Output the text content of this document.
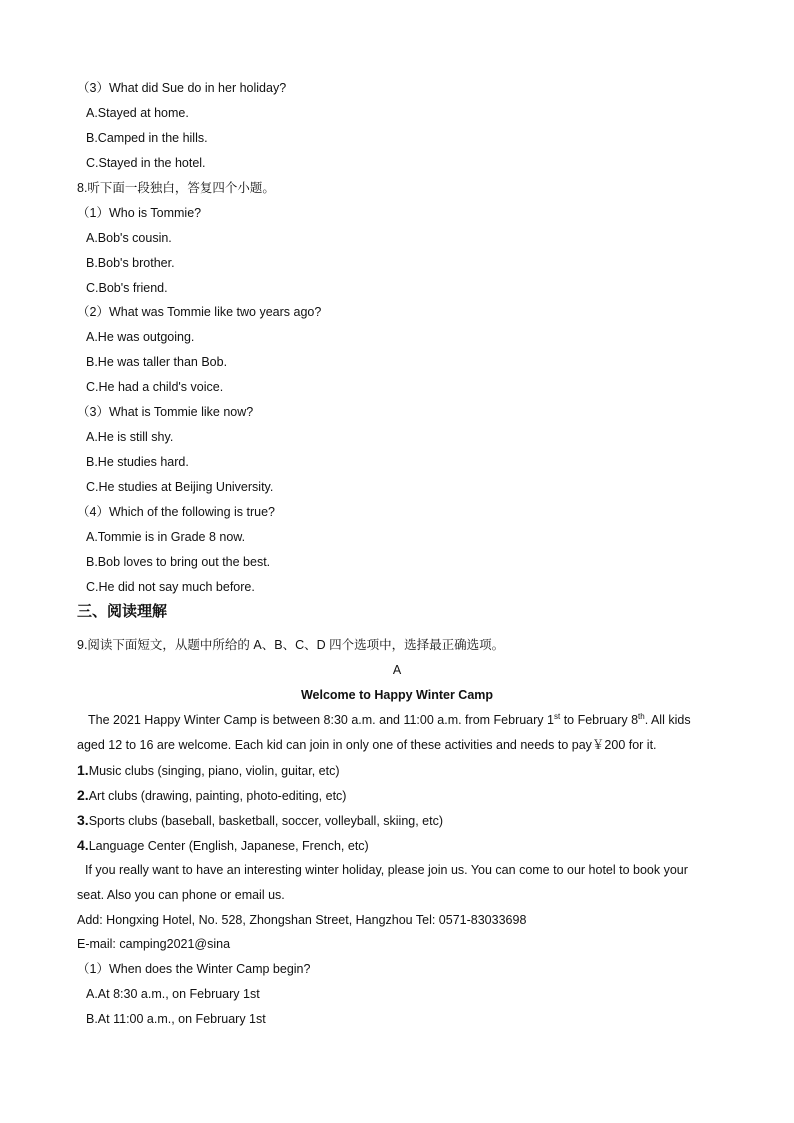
（3）What did Sue do in her holiday?
A.Stayed at home.
B.Camped in the hills.
C.Stayed in the hotel.
8.听下面一段独白，答复四个小题。
（1）Who is Tommie?
A.Bob's cousin.
B.Bob's brother.
C.Bob's friend.
（2）What was Tommie like two years ago?
A.He was outgoing.
B.He was taller than Bob.
C.He had a child's voice.
（3）What is Tommie like now?
A.He is still shy.
B.He studies hard.
C.He studies at Beijing University.
（4）Which of the following is true?
A.Tommie is in Grade 8 now.
B.Bob loves to bring out the best.
C.He did not say much before.
三、阅读理解
9.阅读下面短文，从题中所给的 A、B、C、D 四个选项中，选择最正确选项。
A
Welcome to Happy Winter Camp
The 2021 Happy Winter Camp is between 8:30 a.m. and 11:00 a.m. from February 1st to February 8th. All kids
aged 12 to 16 are welcome. Each kid can join in only one of these activities and needs to pay￥200 for it.
1.Music clubs (singing, piano, violin, guitar, etc)
2.Art clubs (drawing, painting, photo-editing, etc)
3.Sports clubs (baseball, basketball, soccer, volleyball, skiing, etc)
4.Language Center (English, Japanese, French, etc)
If you really want to have an interesting winter holiday, please join us. You can come to our hotel to book your
seat. Also you can phone or email us.
Add: Hongxing Hotel, No. 528, Zhongshan Street, Hangzhou Tel: 0571-83033698
E-mail: camping2021@sina
（1）When does the Winter Camp begin?
A.At 8:30 a.m., on February 1st
B.At 11:00 a.m., on February 1st
